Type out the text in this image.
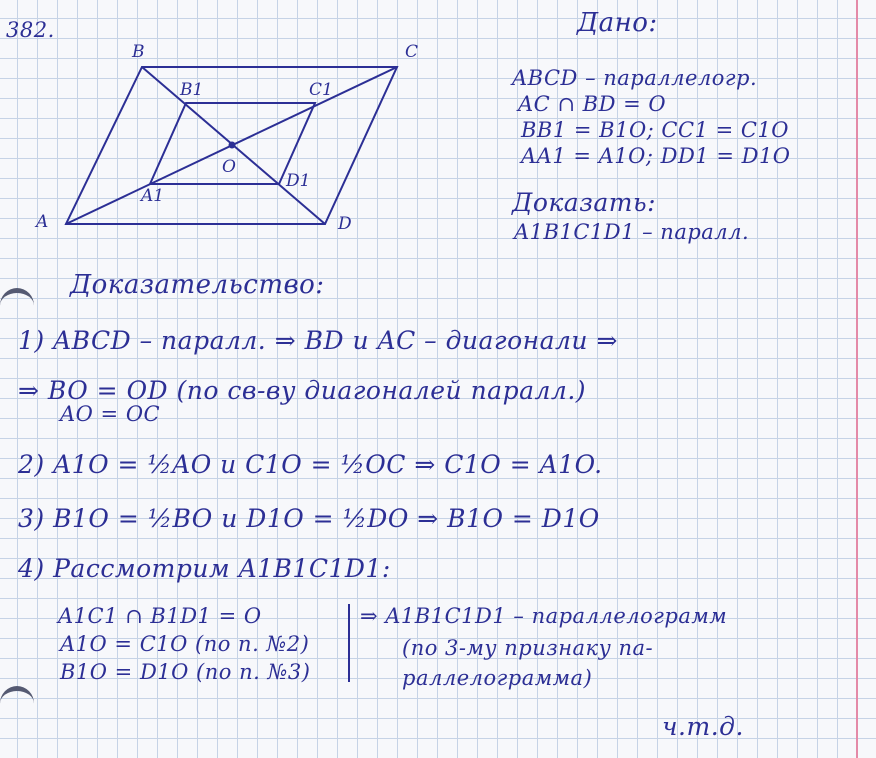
B	C
A	D
B1	C1
A1
D1
O
382.	Дано:
ABCD – параллелогр.
AC ∩ BD = O
BB1 = B1O; CC1 = C1O
AA1 = A1O; DD1 = D1O
Доказать:
A1B1C1D1 – паралл.
Доказательство:
1) ABCD – паралл. ⇒ BD и AC – диагонали ⇒
⇒ BO = OD (по св-ву диагоналей паралл.)
AO = OC
2) A1O = ½AO и C1O = ½OC ⇒ C1O = A1O.
3) B1O = ½BO и D1O = ½DO ⇒ B1O = D1O
4) Рассмотрим A1B1C1D1:
A1C1 ∩ B1D1 = O
A1O = C1O (по п. №2)
B1O = D1O (по п. №3)
⇒ A1B1C1D1 – параллелограмм
(по 3-му признаку па-
раллелограмма)
ч.т.д.
